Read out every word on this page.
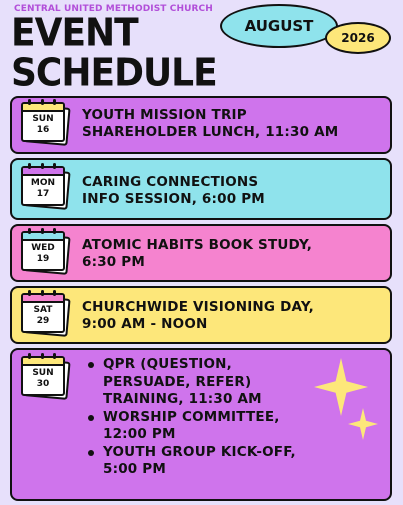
CENTRAL UNITED METHODIST CHURCH
EVENT
SCHEDULE
AUGUST
2026
SUN
16
YOUTH MISSION TRIP
SHAREHOLDER LUNCH, 11:30 AM
MON
17
CARING CONNECTIONS
INFO SESSION, 6:00 PM
WED
19
ATOMIC HABITS BOOK STUDY,
6:30 PM
SAT
29
CHURCHWIDE VISIONING DAY,
9:00 AM - NOON
SUN
30
QPR (QUESTION,
PERSUADE, REFER)
TRAINING, 11:30 AM
WORSHIP COMMITTEE,
12:00 PM
YOUTH GROUP KICK-OFF,
5:00 PM
